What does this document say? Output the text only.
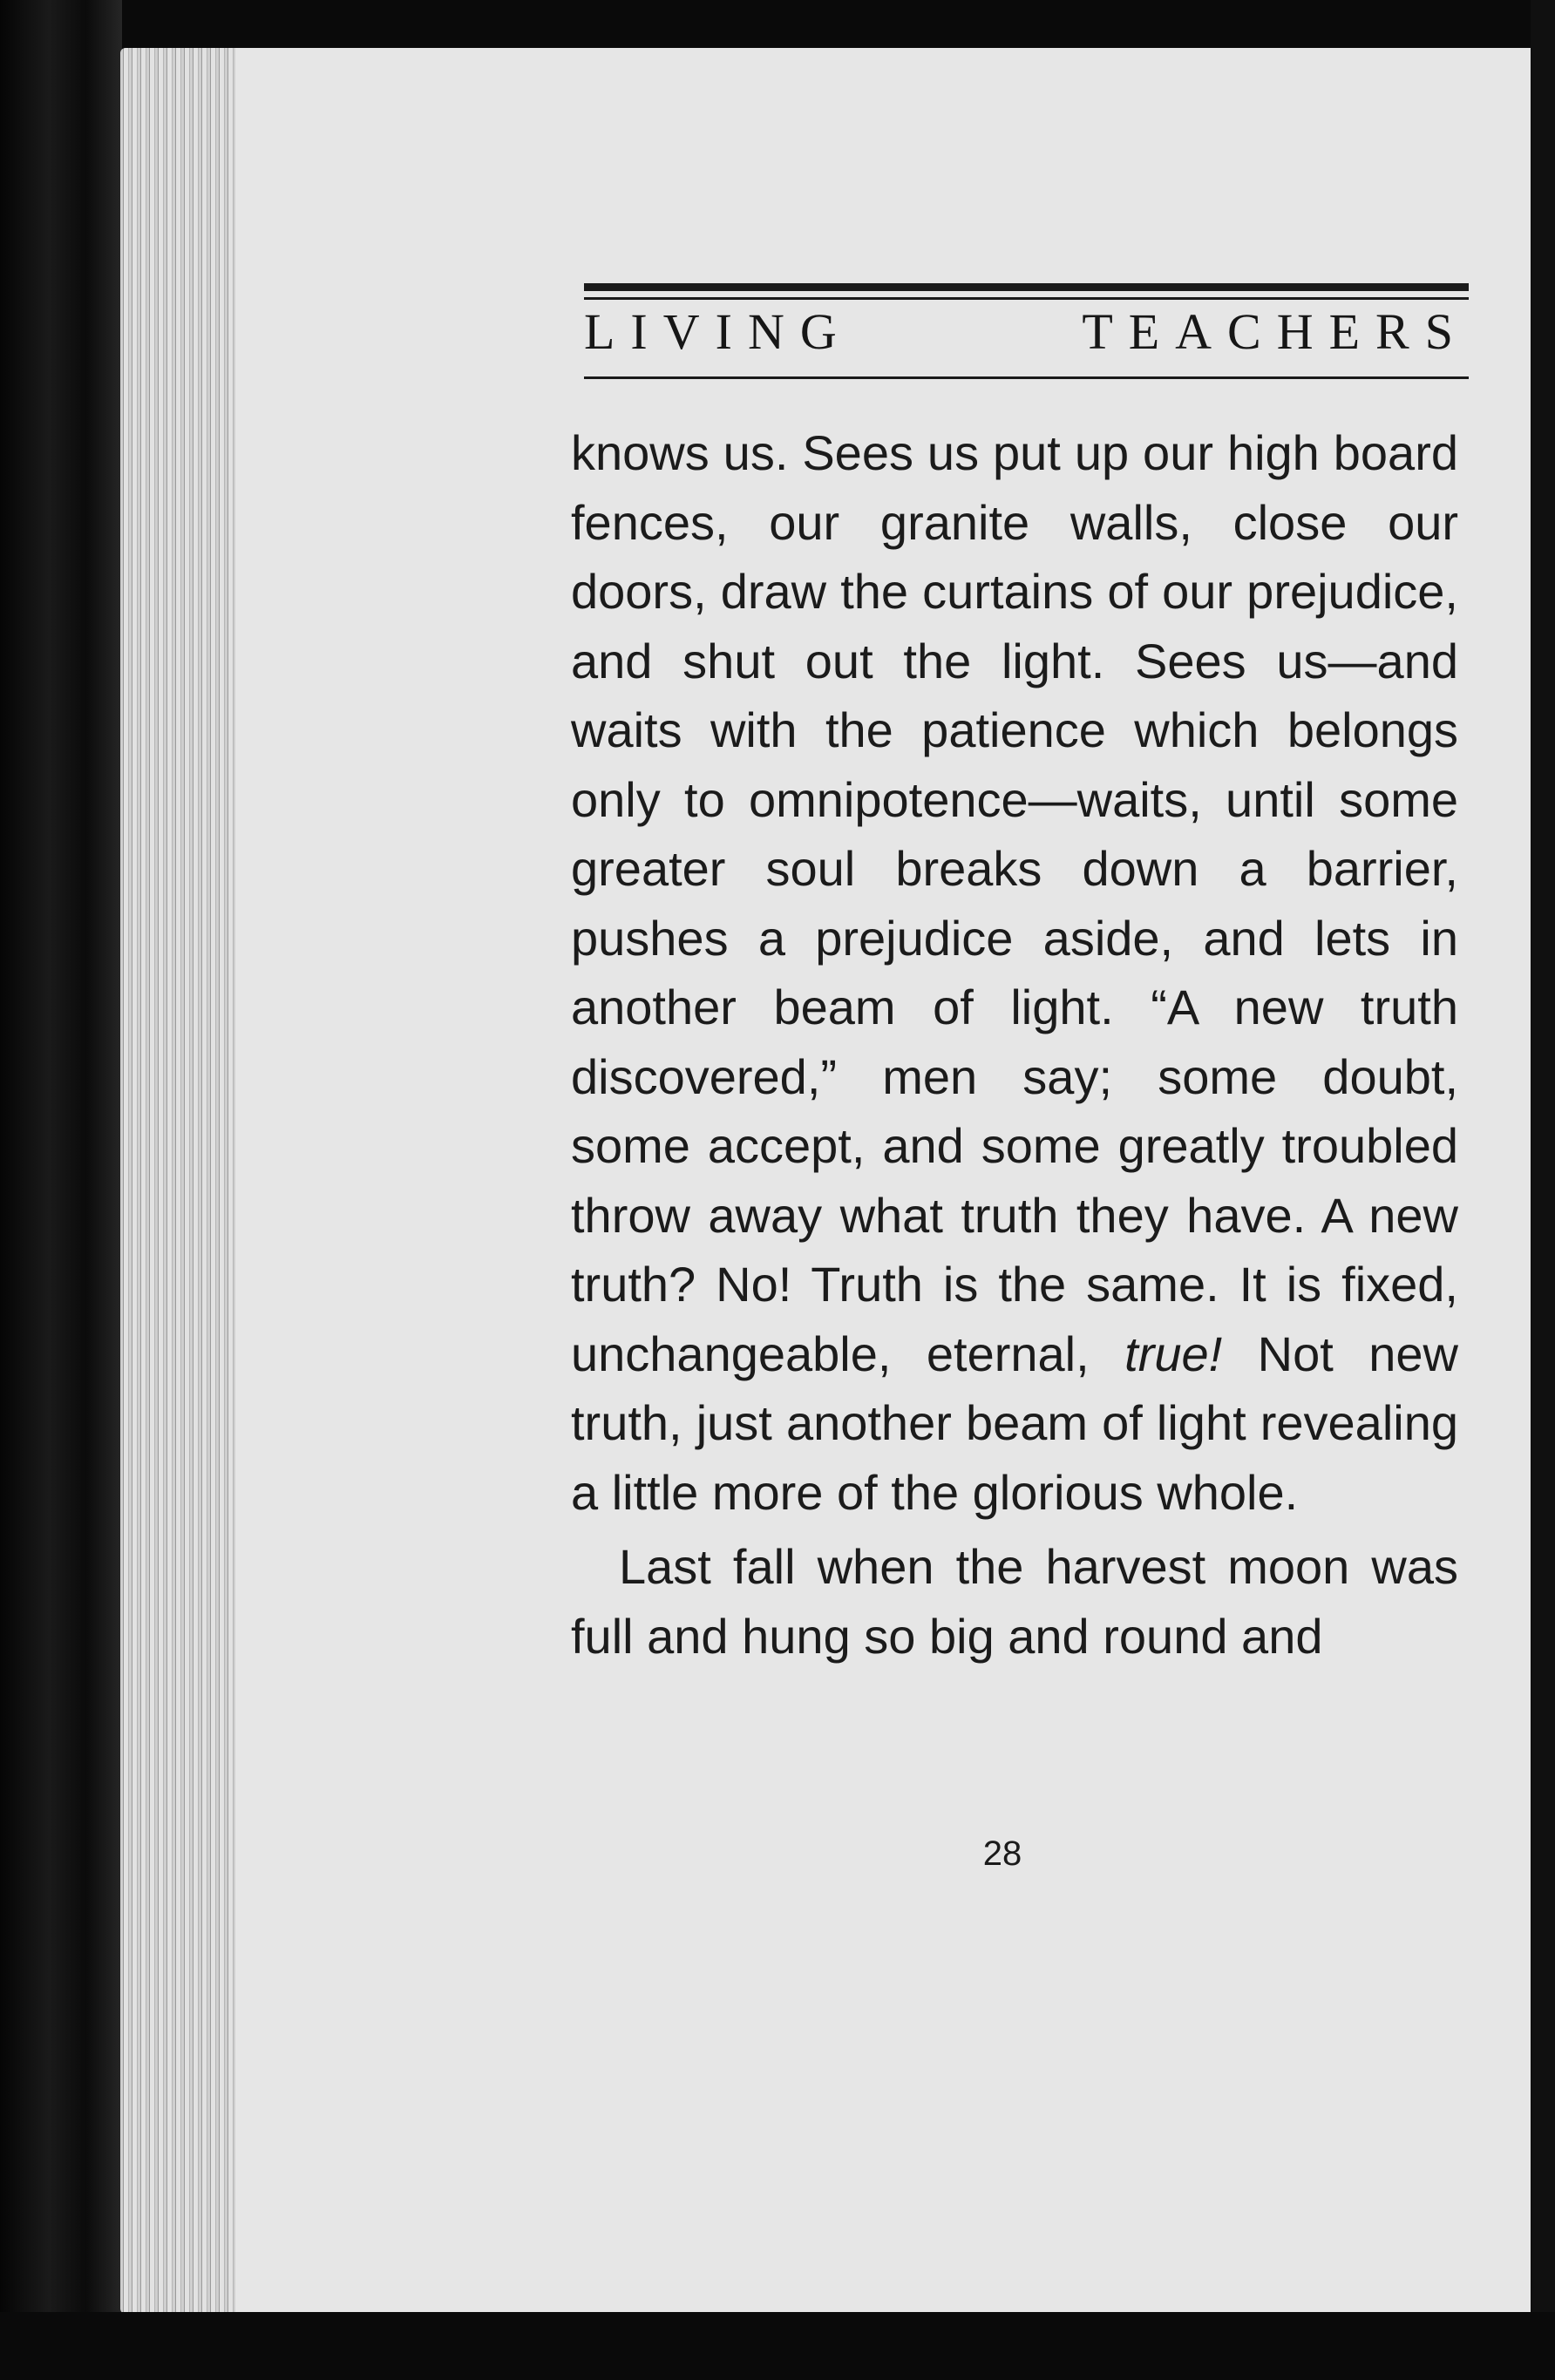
LIVING	TEACHERS

knows us. Sees us put up our high board fences, our granite walls, close our doors, draw the curtains of our prejudice, and shut out the light. Sees us—and waits with the patience which belongs only to omnipotence—waits, until some greater soul breaks down a barrier, pushes a prejudice aside, and lets in another beam of light. “A new truth discovered,” men say; some doubt, some accept, and some greatly troubled throw away what truth they have. A new truth? No! Truth is the same. It is fixed, unchangeable, eternal, true! Not new truth, just another beam of light revealing a little more of the glorious whole.

Last fall when the harvest moon was full and hung so big and round and

28
